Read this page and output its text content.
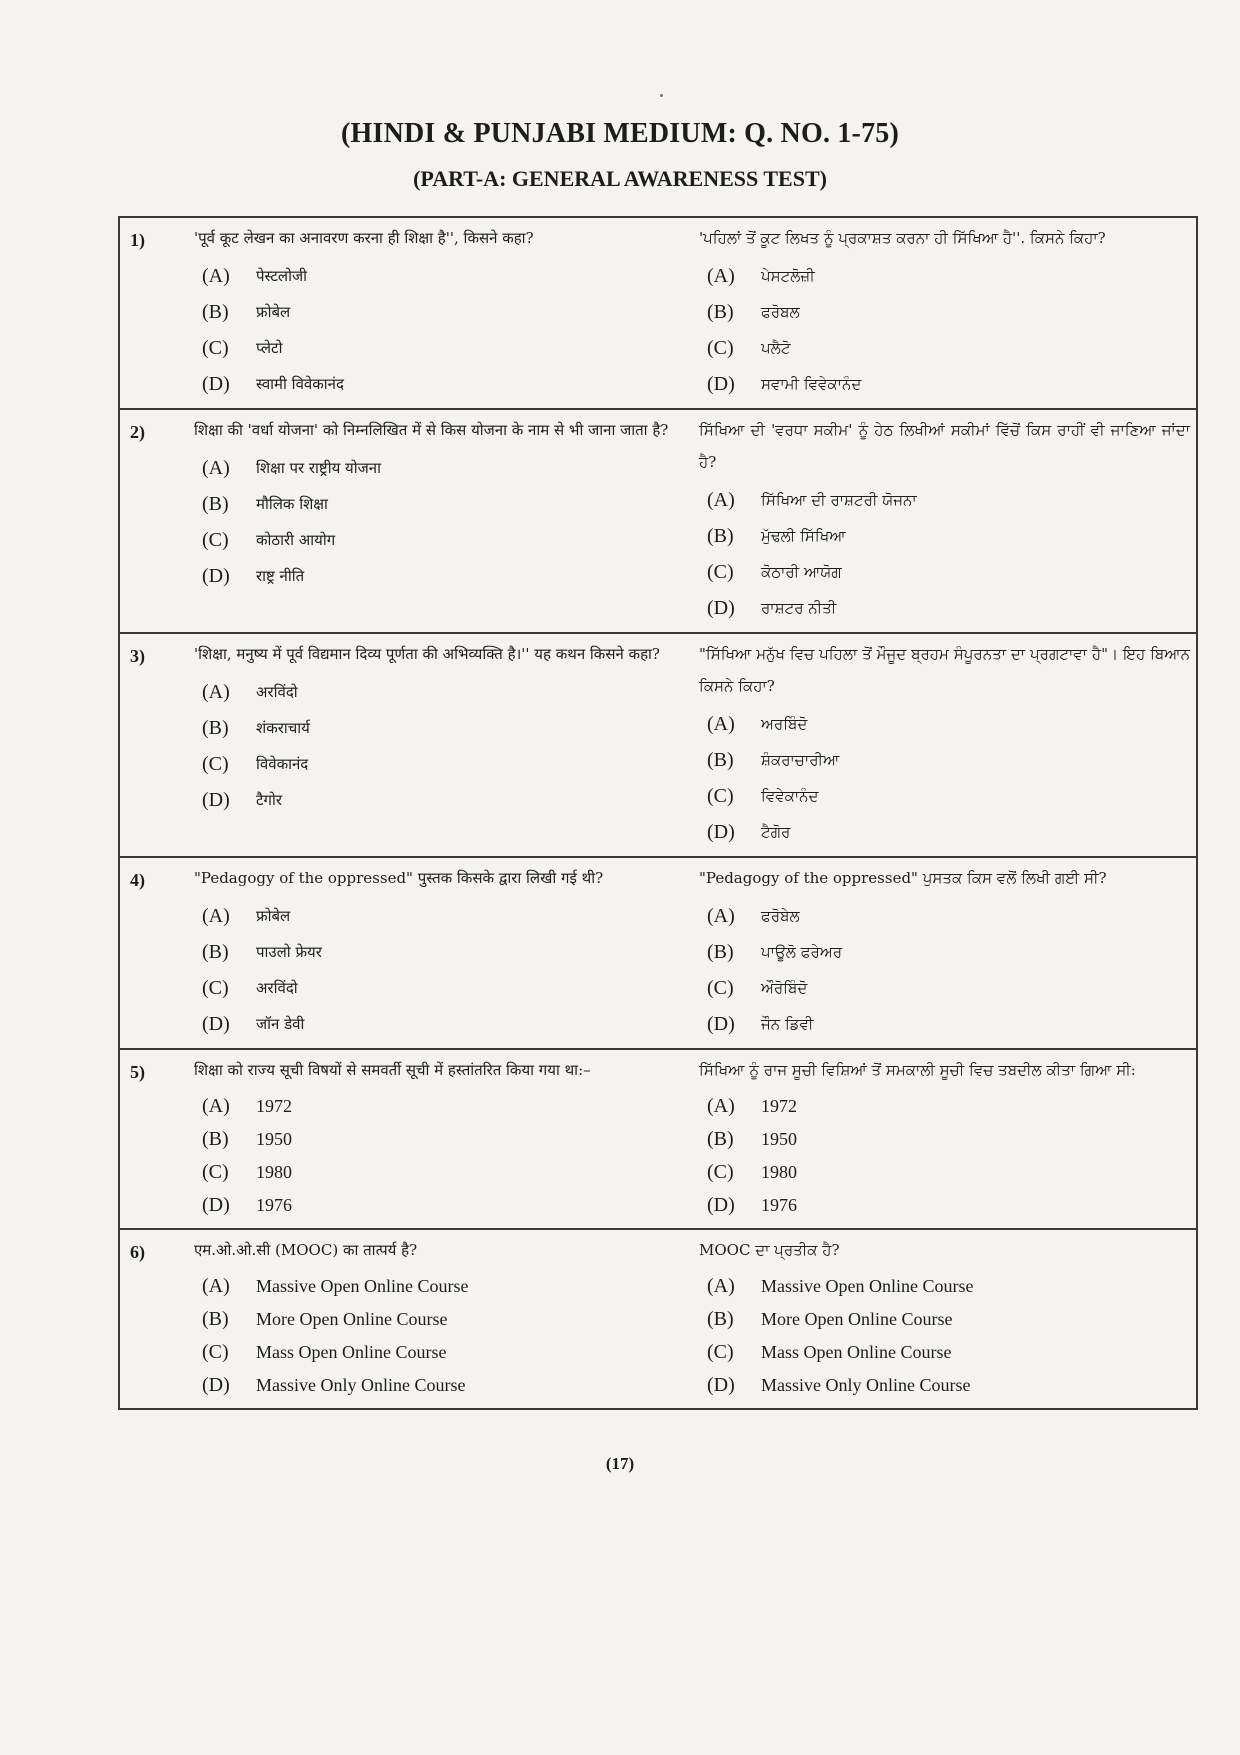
(HINDI & PUNJABI MEDIUM: Q. NO. 1-75)
(PART-A: GENERAL AWARENESS TEST)
1)	'पूर्व कूट लेखन का अनावरण करना ही शिक्षा है'', किसने कहा?
(A)	पेस्टलोजी
(B)	फ्रोबेल
(C)	प्लेटो
(D)	स्वामी विवेकानंद
'ਪਹਿਲਾਂ ਤੋਂ ਕੂਟ ਲਿਖਤ ਨੂੰ ਪ੍ਰਕਾਸ਼ਤ ਕਰਨਾ ਹੀ ਸਿੱਖਿਆ ਹੈ''. ਕਿਸਨੇ ਕਿਹਾ?
(A)	ਪੇਸਟਲੋਜ਼ੀ
(B)	ਫਰੋਬਲ
(C)	ਪਲੈਟੋ
(D)	ਸਵਾਮੀ ਵਿਵੇਕਾਨੰਦ
2)	शिक्षा की 'वर्धा योजना' को निम्नलिखित में से किस योजना के नाम से भी जाना जाता है?
(A)	शिक्षा पर राष्ट्रीय योजना
(B)	मौलिक शिक्षा
(C)	कोठारी आयोग
(D)	राष्ट्र नीति
ਸਿੱਖਿਆ ਦੀ 'ਵਰਧਾ ਸਕੀਮ' ਨੂੰ ਹੇਠ ਲਿਖੀਆਂ ਸਕੀਮਾਂ ਵਿੱਚੋਂ ਕਿਸ ਰਾਹੀਂ ਵੀ ਜਾਣਿਆ ਜਾਂਦਾ ਹੈ?
(A)	ਸਿੱਖਿਆ ਦੀ ਰਾਸ਼ਟਰੀ ਯੋਜਨਾ
(B)	ਮੁੱਢਲੀ ਸਿੱਖਿਆ
(C)	ਕੋਠਾਰੀ ਆਯੋਗ
(D)	ਰਾਸ਼ਟਰ ਨੀਤੀ
3)	'शिक्षा, मनुष्य में पूर्व विद्यमान दिव्य पूर्णता की अभिव्यक्ति है।'' यह कथन किसने कहा?
(A)	अरविंदो
(B)	शंकराचार्य
(C)	विवेकानंद
(D)	टैगोर
"ਸਿੱਖਿਆ ਮਨੁੱਖ ਵਿਚ ਪਹਿਲਾ ਤੋਂ ਮੌਜੂਦ ਬ੍ਰਹਮ ਸੰਪੂਰਨਤਾ ਦਾ ਪ੍ਰਗਟਾਵਾ ਹੈ"। ਇਹ ਬਿਆਨ ਕਿਸਨੇ ਕਿਹਾ?
(A)	ਅਰਬਿੰਦੋ
(B)	ਸ਼ੰਕਰਾਚਾਰੀਆ
(C)	ਵਿਵੇਕਾਨੰਦ
(D)	ਟੈਗੋਰ
4)	"Pedagogy of the oppressed" पुस्तक किसके द्वारा लिखी गई थी?
(A)	फ्रोबेल
(B)	पाउलो फ्रेयर
(C)	अरविंदो
(D)	जॉन डेवी
"Pedagogy of the oppressed" ਪੁਸਤਕ ਕਿਸ ਵਲੋਂ ਲਿਖੀ ਗਈ ਸੀ?
(A)	ਫਰੋਬੇਲ
(B)	ਪਾਊਲੋ ਫਰੇਅਰ
(C)	ਔਰੋਬਿੰਦੋ
(D)	ਜੌਨ ਡਿਵੀ
5)	शिक्षा को राज्य सूची विषयों से समवर्ती सूची में हस्तांतरित किया गया था:–
(A)	1972
(B)	1950
(C)	1980
(D)	1976
ਸਿੱਖਿਆ ਨੂੰ ਰਾਜ ਸੂਚੀ ਵਿਸ਼ਿਆਂ ਤੋਂ ਸਮਕਾਲੀ ਸੂਚੀ ਵਿਚ ਤਬਦੀਲ ਕੀਤਾ ਗਿਆ ਸੀ:
(A)	1972
(B)	1950
(C)	1980
(D)	1976
6)	एम.ओ.ओ.सी (MOOC) का तात्पर्य है?
(A)	Massive Open Online Course
(B)	More Open Online Course
(C)	Mass Open Online Course
(D)	Massive Only Online Course
MOOC ਦਾ ਪ੍ਰਤੀਕ ਹੈ?
(A)	Massive Open Online Course
(B)	More Open Online Course
(C)	Mass Open Online Course
(D)	Massive Only Online Course
(17)
